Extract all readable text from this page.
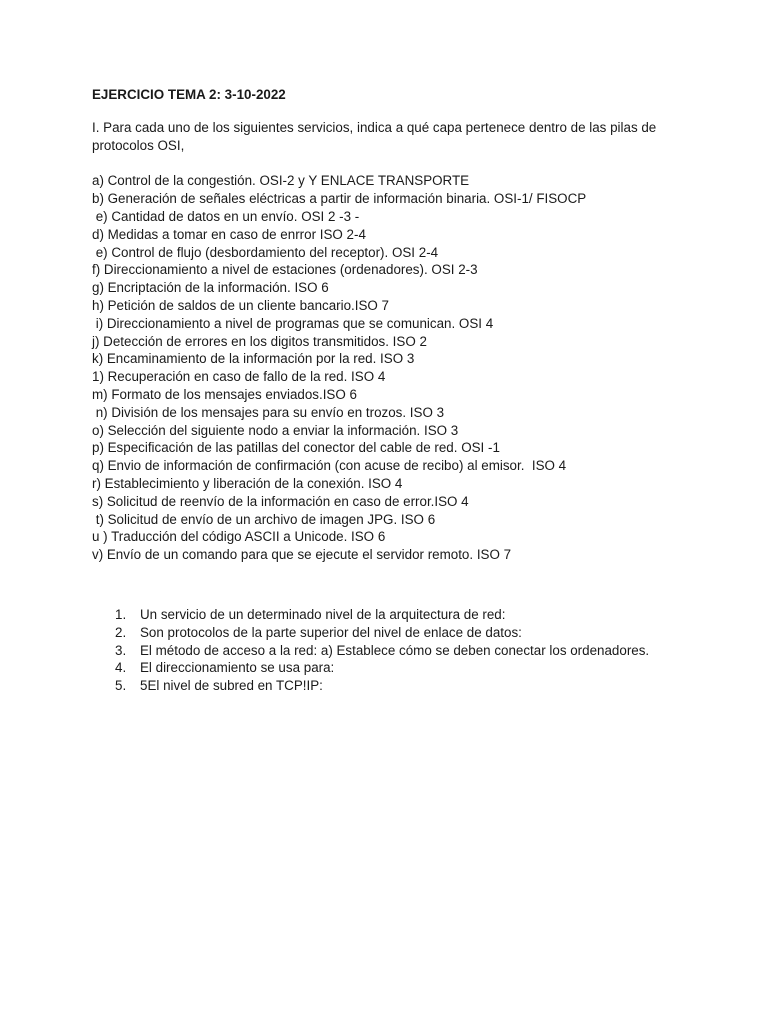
EJERCICIO TEMA 2: 3-10-2022

I. Para cada uno de los siguientes servicios, indica a qué capa pertenece dentro de las pilas de protocolos OSI,

a) Control de la congestión. OSI-2 y Y ENLACE TRANSPORTE
b) Generación de señales eléctricas a partir de información binaria. OSI-1/ FISOCP
e) Cantidad de datos en un envío. OSI 2 -3 -
d) Medidas a tomar en caso de enrror ISO 2-4
e) Control de flujo (desbordamiento del receptor). OSI 2-4
f) Direccionamiento a nivel de estaciones (ordenadores). OSI 2-3
g) Encriptación de la información. ISO 6
h) Petición de saldos de un cliente bancario.ISO 7
i) Direccionamiento a nivel de programas que se comunican. OSI 4
j) Detección de errores en los digitos transmitidos. ISO 2
k) Encaminamiento de la información por la red. ISO 3
1) Recuperación en caso de fallo de la red. ISO 4
m) Formato de los mensajes enviados.ISO 6
n) División de los mensajes para su envío en trozos. ISO 3
o) Selección del siguiente nodo a enviar la información. ISO 3
p) Especificación de las patillas del conector del cable de red. OSI -1
q) Envio de información de confirmación (con acuse de recibo) al emisor.  ISO 4
r) Establecimiento y liberación de la conexión. ISO 4
s) Solicitud de reenvío de la información en caso de error.ISO 4
t) Solicitud de envío de un archivo de imagen JPG. ISO 6
u ) Traducción del código ASCII a Unicode. ISO 6
v) Envío de un comando para que se ejecute el servidor remoto. ISO 7
1. Un servicio de un determinado nivel de la arquitectura de red:
2. Son protocolos de la parte superior del nivel de enlace de datos:
3. El método de acceso a la red: a) Establece cómo se deben conectar los ordenadores.
4. El direccionamiento se usa para:
5. 5El nivel de subred en TCP!IP:
